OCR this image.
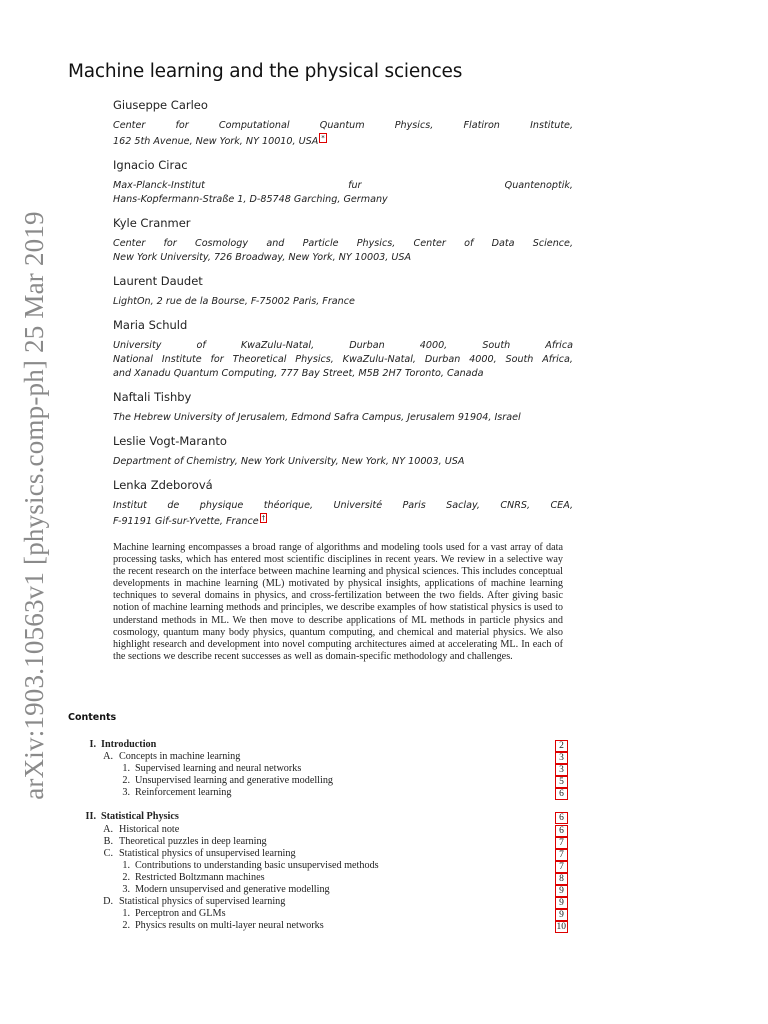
arXiv:1903.10563v1 [physics.comp-ph] 25 Mar 2019
Machine learning and the physical sciences
Giuseppe Carleo
Center for Computational Quantum Physics, Flatiron Institute,
162 5th Avenue, New York, NY 10010, USA *
Ignacio Cirac
Max-Planck-Institut fur Quantenoptik,
Hans-Kopfermann-Straße 1, D-85748 Garching, Germany
Kyle Cranmer
Center for Cosmology and Particle Physics, Center of Data Science,
New York University, 726 Broadway, New York, NY 10003, USA
Laurent Daudet
LightOn, 2 rue de la Bourse, F-75002 Paris, France
Maria Schuld
University of KwaZulu-Natal, Durban 4000, South Africa
National Institute for Theoretical Physics, KwaZulu-Natal, Durban 4000, South Africa,
and Xanadu Quantum Computing, 777 Bay Street, M5B 2H7 Toronto, Canada
Naftali Tishby
The Hebrew University of Jerusalem, Edmond Safra Campus, Jerusalem 91904, Israel
Leslie Vogt-Maranto
Department of Chemistry, New York University, New York, NY 10003, USA
Lenka Zdeborová
Institut de physique théorique, Université Paris Saclay, CNRS, CEA,
F-91191 Gif-sur-Yvette, France †

Machine learning encompasses a broad range of algorithms and modeling tools used for a vast array of data processing tasks, which has entered most scientific disciplines in recent years. We review in a selective way the recent research on the interface between machine learning and physical sciences. This includes conceptual developments in machine learning (ML) motivated by physical insights, applications of machine learning techniques to several domains in physics, and cross-fertilization between the two fields. After giving basic notion of machine learning methods and principles, we describe examples of how statistical physics is used to understand methods in ML. We then move to describe applications of ML methods in particle physics and cosmology, quantum many body physics, quantum computing, and chemical and material physics. We also highlight research and development into novel computing architectures aimed at accelerating ML. In each of the sections we describe recent successes as well as domain-specific methodology and challenges.

Contents
I. Introduction	2
A. Concepts in machine learning	3
1. Supervised learning and neural networks	3
2. Unsupervised learning and generative modelling	5
3. Reinforcement learning	6
II. Statistical Physics	6
A. Historical note	6
B. Theoretical puzzles in deep learning	7
C. Statistical physics of unsupervised learning	7
1. Contributions to understanding basic unsupervised methods	7
2. Restricted Boltzmann machines	8
3. Modern unsupervised and generative modelling	9
D. Statistical physics of supervised learning	9
1. Perceptron and GLMs	9
2. Physics results on multi-layer neural networks	10
